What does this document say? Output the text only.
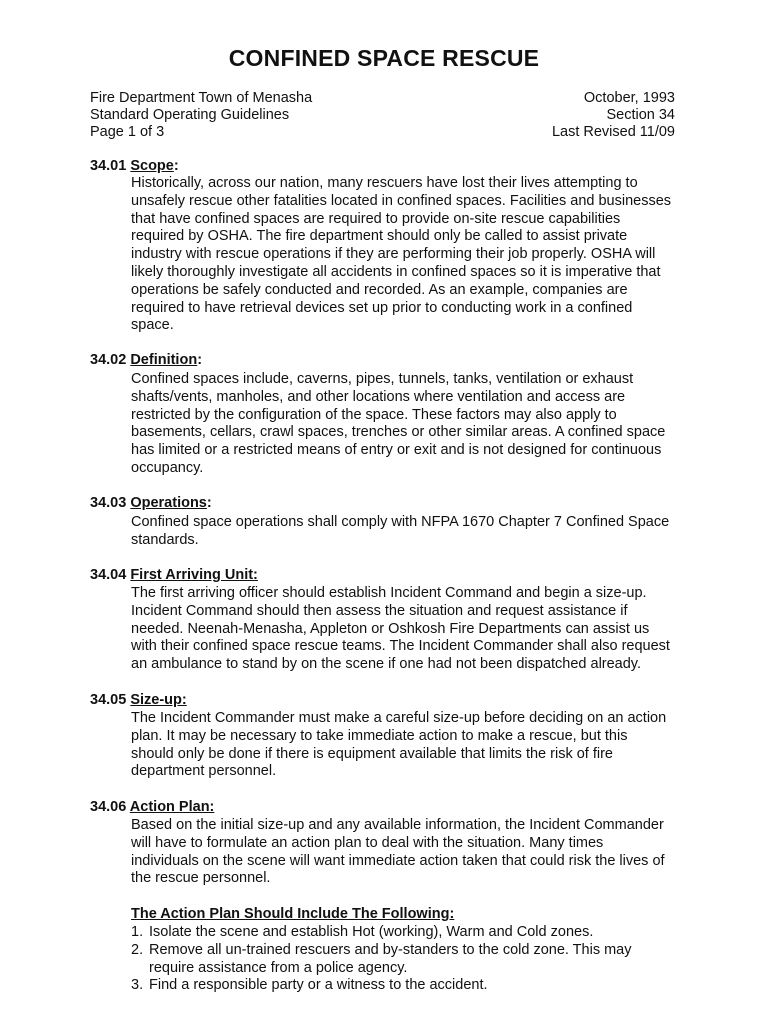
CONFINED SPACE RESCUE
Fire Department Town of Menasha	October, 1993
Standard Operating Guidelines	Section 34
Page 1 of 3	Last Revised 11/09
34.01 Scope:
Historically, across our nation, many rescuers have lost their lives attempting to
unsafely rescue other fatalities located in confined spaces. Facilities and businesses
that have confined spaces are required to provide on-site rescue capabilities
required by OSHA. The fire department should only be called to assist private
industry with rescue operations if they are performing their job properly. OSHA will
likely thoroughly investigate all accidents in confined spaces so it is imperative that
operations be safely conducted and recorded. As an example, companies are
required to have retrieval devices set up prior to conducting work in a confined
space.
34.02 Definition:
Confined spaces include, caverns, pipes, tunnels, tanks, ventilation or exhaust
shafts/vents, manholes, and other locations where ventilation and access are
restricted by the configuration of the space. These factors may also apply to
basements, cellars, crawl spaces, trenches or other similar areas. A confined space
has limited or a restricted means of entry or exit and is not designed for continuous
occupancy.
34.03 Operations:
Confined space operations shall comply with NFPA 1670 Chapter 7 Confined Space
standards.
34.04 First Arriving Unit:
The first arriving officer should establish Incident Command and begin a size-up.
Incident Command should then assess the situation and request assistance if
needed. Neenah-Menasha, Appleton or Oshkosh Fire Departments can assist us
with their confined space rescue teams. The Incident Commander shall also request
an ambulance to stand by on the scene if one had not been dispatched already.
34.05 Size-up:
The Incident Commander must make a careful size-up before deciding on an action
plan. It may be necessary to take immediate action to make a rescue, but this
should only be done if there is equipment available that limits the risk of fire
department personnel.
34.06 Action Plan:
Based on the initial size-up and any available information, the Incident Commander
will have to formulate an action plan to deal with the situation. Many times
individuals on the scene will want immediate action taken that could risk the lives of
the rescue personnel.
The Action Plan Should Include The Following:
1. Isolate the scene and establish Hot (working), Warm and Cold zones.
2. Remove all un-trained rescuers and by-standers to the cold zone. This may
require assistance from a police agency.
3. Find a responsible party or a witness to the accident.
